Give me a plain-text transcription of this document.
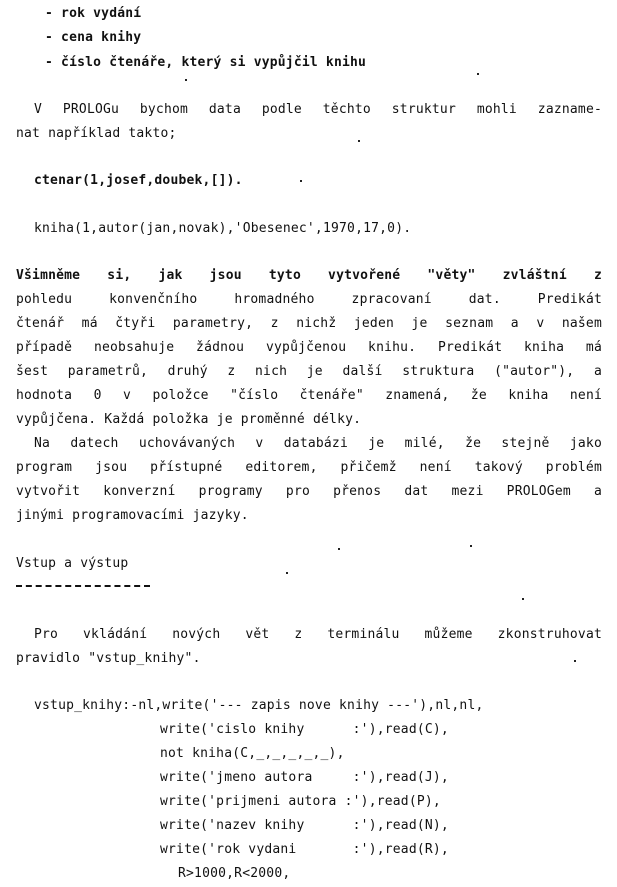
- rok vydání
- cena knihy
- číslo čtenáře, který si vypůjčil knihu
V PROLOGu bychom data podle těchto struktur mohli zazname-
nat například takto;
ctenar(1,josef,doubek,[]).
kniha(1,autor(jan,novak),'Obesenec',1970,17,0).
Všimněme si, jak jsou tyto vytvořené "věty" zvláštní z
pohledu konvenčního hromadného zpracovaní dat. Predikát
čtenář má čtyři parametry, z nichž jeden je seznam a v našem
případě neobsahuje žádnou vypůjčenou knihu. Predikát kniha má
šest parametrů, druhý z nich je další struktura ("autor"), a
hodnota 0 v položce "číslo čtenáře" znamená, že kniha není
vypůjčena. Každá položka je proměnné délky.
Na datech uchovávaných v databázi je milé, že stejně jako
program jsou přístupné editorem, přičemž není takový problém
vytvořit konverzní programy pro přenos dat mezi PROLOGem a
jinými programovacími jazyky.
Vstup a výstup
Pro vkládání nových vět z terminálu můžeme zkonstruhovat
pravidlo "vstup_knihy".
vstup_knihy:-nl,write('--- zapis nove knihy ---'),nl,nl,
write('cislo knihy      :'),read(C),
not kniha(C,_,_,_,_,_),
write('jmeno autora     :'),read(J),
write('prijmeni autora :'),read(P),
write('nazev knihy      :'),read(N),
write('rok vydani       :'),read(R),
R>1000,R<2000,
